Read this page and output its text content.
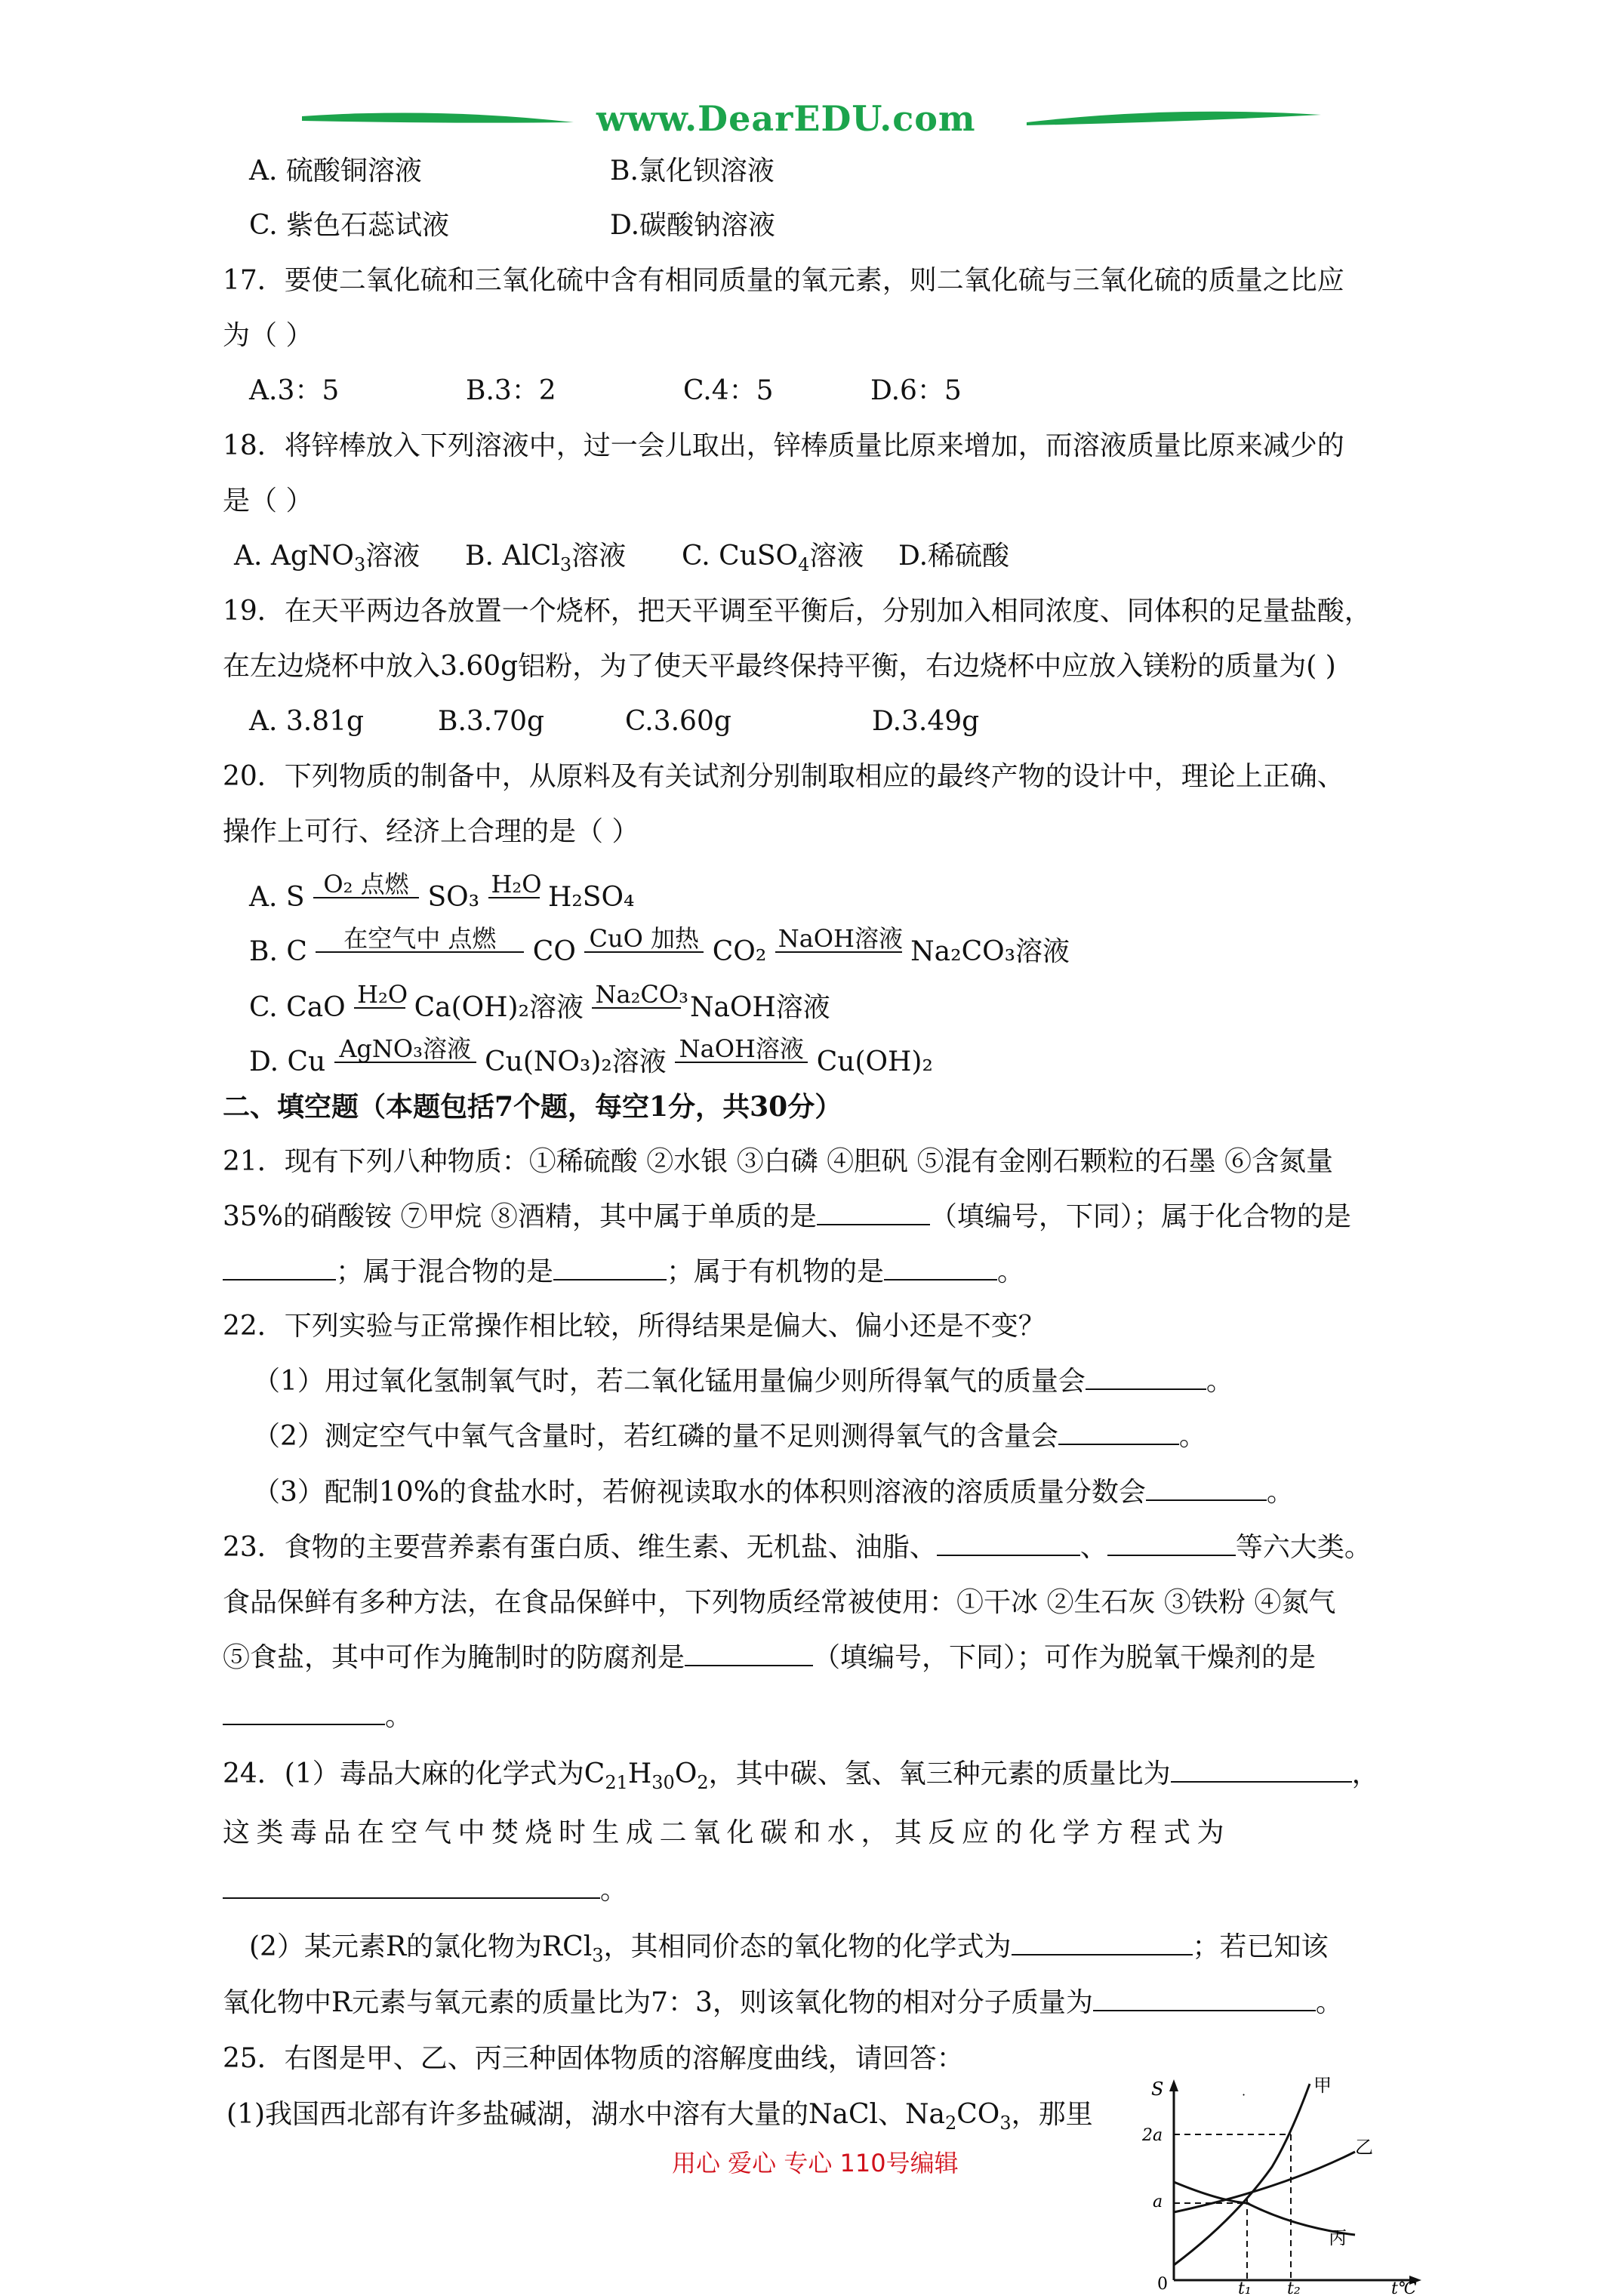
www.DearEDU.com
A. 硫酸铜溶液	B.氯化钡溶液
C. 紫色石蕊试液	D.碳酸钠溶液
17．要使二氧化硫和三氧化硫中含有相同质量的氧元素，则二氧化硫与三氧化硫的质量之比应
为（ ）
A.3：5	B.3：2	C.4：5	D.6：5
18．将锌棒放入下列溶液中，过一会儿取出，锌棒质量比原来增加，而溶液质量比原来减少的
是（ ）
A. AgNO$_3$溶液 B. AlCl$_3$溶液 C. CuSO$_4$溶液 D.稀硫酸
19．在天平两边各放置一个烧杯，把天平调至平衡后，分别加入相同浓度、同体积的足量盐酸，
在左边烧杯中放入3.60g铝粉，为了使天平最终保持平衡，右边烧杯中应放入镁粉的质量为( )
A. 3.81g	B.3.70g	C.3.60g	D.3.49g
20．下列物质的制备中，从原料及有关试剂分别制取相应的最终产物的设计中，理论上正确、
操作上可行、经济上合理的是（ ）
A. S O₂ 点燃 SO₃ H₂O H₂SO₄
B. C 在空气中 点燃 CO CuO 加热 CO₂ NaOH溶液 Na₂CO₃溶液
C. CaO H₂O Ca(OH)₂溶液 Na₂CO₃ NaOH溶液
D. Cu AgNO₃溶液 Cu(NO₃)₂溶液 NaOH溶液 Cu(OH)₂
二、填空题（本题包括7个题，每空1分，共30分）
21．现有下列八种物质：①稀硫酸 ②水银 ③白磷 ④胆矾 ⑤混有金刚石颗粒的石墨 ⑥含氮量
35%的硝酸铵 ⑦甲烷 ⑧酒精，其中属于单质的是	（填编号，下同）；属于化合物的是
；属于混合物的是	；属于有机物的是	。
22．下列实验与正常操作相比较，所得结果是偏大、偏小还是不变？
（1）用过氧化氢制氧气时，若二氧化锰用量偏少则所得氧气的质量会	。
（2）测定空气中氧气含量时，若红磷的量不足则测得氧气的含量会	。
（3）配制10%的食盐水时，若俯视读取水的体积则溶液的溶质质量分数会	。
23．食物的主要营养素有蛋白质、维生素、无机盐、油脂、	、	等六大类。
食品保鲜有多种方法，在食品保鲜中，下列物质经常被使用：①干冰 ②生石灰 ③铁粉 ④氮气
⑤食盐，其中可作为腌制时的防腐剂是	（填编号，下同）；可作为脱氧干燥剂的是
。
24．(1）毒品大麻的化学式为$C_{21}H_{30}O_2$，其中碳、氢、氧三种元素的质量比为	，
这类毒品在空气中焚烧时生成二氧化碳和水，其反应的化学方程式为
。
(2）某元素R的氯化物为RCl$_3$，其相同价态的氧化物的化学式为	；若已知该
氧化物中R元素与氧元素的质量比为7：3，则该氧化物的相对分子质量为	。
25．右图是甲、乙、丙三种固体物质的溶解度曲线，请回答：
(1)我国西北部有许多盐碱湖，湖水中溶有大量的NaCl、$Na_2CO_3$，那里
用心 爱心 专心 110号编辑
S
0
2a
a
t₁ t₂	t℃
甲
乙
丙
·
